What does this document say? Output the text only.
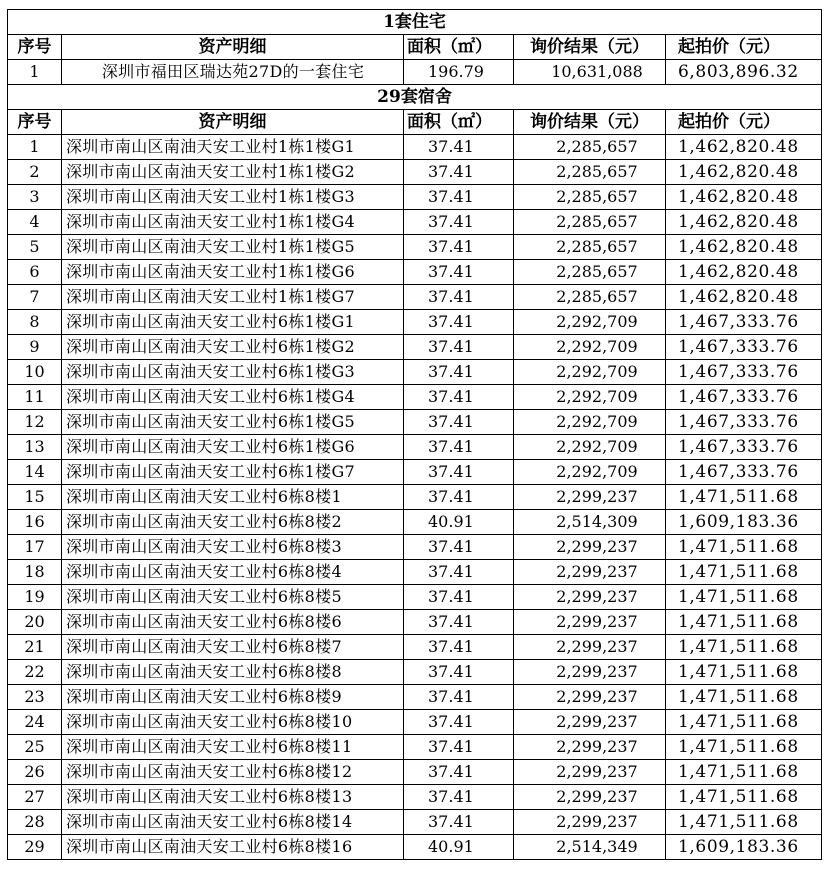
1套住宅				
序号	资产明细	面积（㎡）	询价结果（元）	起拍价（元）
1	深圳市福田区瑞达苑27D的一套住宅	196.79	10,631,088	6,803,896.32
29套宿舍				
序号	资产明细	面积（㎡）	询价结果（元）	起拍价（元）
1	深圳市南山区南油天安工业村1栋1楼G1	37.41	2,285,657	1,462,820.48
2	深圳市南山区南油天安工业村1栋1楼G2	37.41	2,285,657	1,462,820.48
3	深圳市南山区南油天安工业村1栋1楼G3	37.41	2,285,657	1,462,820.48
4	深圳市南山区南油天安工业村1栋1楼G4	37.41	2,285,657	1,462,820.48
5	深圳市南山区南油天安工业村1栋1楼G5	37.41	2,285,657	1,462,820.48
6	深圳市南山区南油天安工业村1栋1楼G6	37.41	2,285,657	1,462,820.48
7	深圳市南山区南油天安工业村1栋1楼G7	37.41	2,285,657	1,462,820.48
8	深圳市南山区南油天安工业村6栋1楼G1	37.41	2,292,709	1,467,333.76
9	深圳市南山区南油天安工业村6栋1楼G2	37.41	2,292,709	1,467,333.76
10	深圳市南山区南油天安工业村6栋1楼G3	37.41	2,292,709	1,467,333.76
11	深圳市南山区南油天安工业村6栋1楼G4	37.41	2,292,709	1,467,333.76
12	深圳市南山区南油天安工业村6栋1楼G5	37.41	2,292,709	1,467,333.76
13	深圳市南山区南油天安工业村6栋1楼G6	37.41	2,292,709	1,467,333.76
14	深圳市南山区南油天安工业村6栋1楼G7	37.41	2,292,709	1,467,333.76
15	深圳市南山区南油天安工业村6栋8楼1	37.41	2,299,237	1,471,511.68
16	深圳市南山区南油天安工业村6栋8楼2	40.91	2,514,309	1,609,183.36
17	深圳市南山区南油天安工业村6栋8楼3	37.41	2,299,237	1,471,511.68
18	深圳市南山区南油天安工业村6栋8楼4	37.41	2,299,237	1,471,511.68
19	深圳市南山区南油天安工业村6栋8楼5	37.41	2,299,237	1,471,511.68
20	深圳市南山区南油天安工业村6栋8楼6	37.41	2,299,237	1,471,511.68
21	深圳市南山区南油天安工业村6栋8楼7	37.41	2,299,237	1,471,511.68
22	深圳市南山区南油天安工业村6栋8楼8	37.41	2,299,237	1,471,511.68
23	深圳市南山区南油天安工业村6栋8楼9	37.41	2,299,237	1,471,511.68
24	深圳市南山区南油天安工业村6栋8楼10	37.41	2,299,237	1,471,511.68
25	深圳市南山区南油天安工业村6栋8楼11	37.41	2,299,237	1,471,511.68
26	深圳市南山区南油天安工业村6栋8楼12	37.41	2,299,237	1,471,511.68
27	深圳市南山区南油天安工业村6栋8楼13	37.41	2,299,237	1,471,511.68
28	深圳市南山区南油天安工业村6栋8楼14	37.41	2,299,237	1,471,511.68
29	深圳市南山区南油天安工业村6栋8楼16	40.91	2,514,349	1,609,183.36
